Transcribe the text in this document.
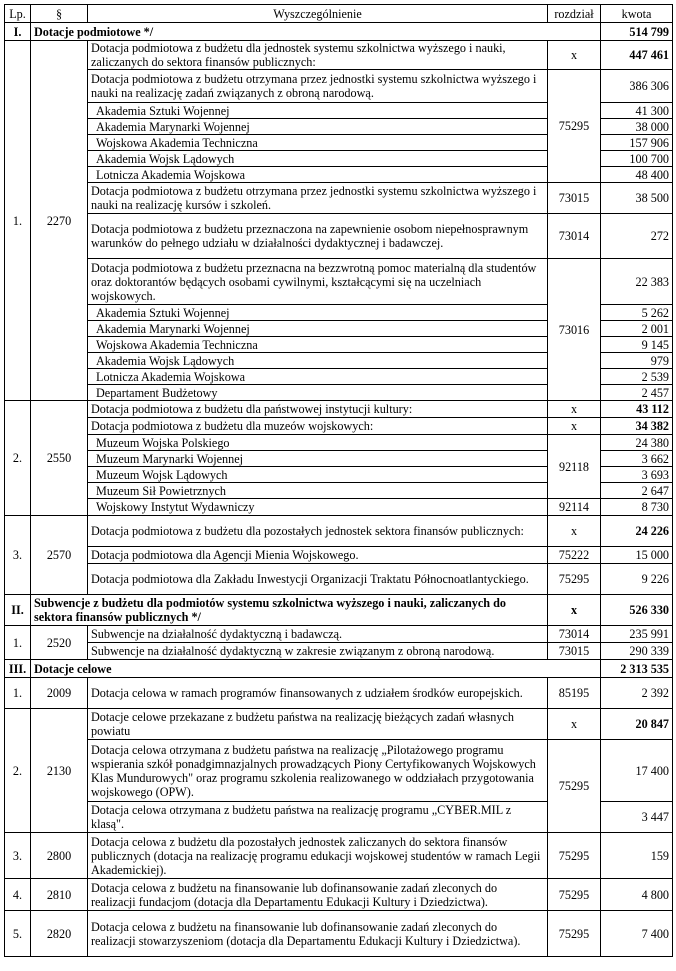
Lp.	§	Wyszczególnienie	rozdział	kwota
I.	Dotacje podmiotowe */			514 799
1.	2270	Dotacja podmiotowa z budżetu dla jednostek systemu szkolnictwa wyższego i nauki, zaliczanych do sektora finansów publicznych:	x	447 461
		Dotacja podmiotowa z budżetu otrzymana przez jednostki systemu szkolnictwa wyższego i nauki na realizację zadań związanych z obroną narodową.	75295	386 306
		Akademia Sztuki Wojennej		41 300
		Akademia Marynarki Wojennej		38 000
		Wojskowa Akademia Techniczna		157 906
		Akademia Wojsk Lądowych		100 700
		Lotnicza Akademia Wojskowa		48 400
		Dotacja podmiotowa z budżetu otrzymana przez jednostki systemu szkolnictwa wyższego i nauki na realizację kursów i szkoleń.	73015	38 500
		Dotacja podmiotowa z budżetu przeznaczona na zapewnienie osobom niepełnosprawnym warunków do pełnego udziału w działalności dydaktycznej i badawczej.	73014	272
		Dotacja podmiotowa z budżetu przeznacna na bezzwrotną pomoc materialną dla studentów oraz doktorantów będących osobami cywilnymi, kształcącymi się na uczelniach wojskowych.	73016	22 383
		Akademia Sztuki Wojennej		5 262
		Akademia Marynarki Wojennej		2 001
		Wojskowa Akademia Techniczna		9 145
		Akademia Wojsk Lądowych		979
		Lotnicza Akademia Wojskowa		2 539
		Departament Budżetowy		2 457
2.	2550	Dotacja podmiotowa z budżetu dla państwowej instytucji kultury:	x	43 112
		Dotacja podmiotowa z budżetu dla muzeów wojskowych:	x	34 382
		Muzeum Wojska Polskiego	92118	24 380
		Muzeum Marynarki Wojennej		3 662
		Muzeum Wojsk Lądowych		3 693
		Muzeum Sił Powietrznych		2 647
		Wojskowy Instytut Wydawniczy	92114	8 730
3.	2570	Dotacja podmiotowa z budżetu dla pozostałych jednostek sektora finansów publicznych:	x	24 226
		Dotacja podmiotowa dla Agencji Mienia Wojskowego.	75222	15 000
		Dotacja podmiotowa dla Zakładu Inwestycji Organizacji Traktatu Północnoatlantyckiego.	75295	9 226
II.	Subwencje z budżetu dla podmiotów systemu szkolnictwa wyższego i nauki, zaliczanych do sektora finansów publicznych */		x	526 330
1.	2520	Subwencje na działalność dydaktyczną i badawczą.	73014	235 991
		Subwencje na działalność dydaktyczną w zakresie związanym z obroną narodową.	73015	290 339
III.	Dotacje celowe			2 313 535
1.	2009	Dotacja celowa w ramach programów finansowanych z udziałem środków europejskich.	85195	2 392
2.	2130	Dotacje celowe przekazane z budżetu państwa na realizację bieżących zadań własnych powiatu	x	20 847
		Dotacja celowa otrzymana z budżetu państwa na realizację „Pilotażowego programu wspierania szkół ponadgimnazjalnych prowadzących Piony Certyfikowanych Wojskowych Klas Mundurowych" oraz programu szkolenia realizowanego w oddziałach przygotowania wojskowego (OPW).	75295	17 400
		Dotacja celowa otrzymana z budżetu państwa na realizację programu „CYBER.MIL z klasą".		3 447
3.	2800	Dotacja celowa z budżetu dla pozostałych jednostek zaliczanych do sektora finansów publicznych (dotacja na realizację programu edukacji wojskowej studentów w ramach Legii Akademickiej).	75295	159
4.	2810	Dotacja celowa z budżetu na finansowanie lub dofinansowanie zadań zleconych do realizacji fundacjom (dotacja dla Departamentu Edukacji Kultury i Dziedzictwa).	75295	4 800
5.	2820	Dotacja celowa z budżetu na finansowanie lub dofinansowanie zadań zleconych do realizacji stowarzyszeniom (dotacja dla Departamentu Edukacji Kultury i Dziedzictwa).	75295	7 400
